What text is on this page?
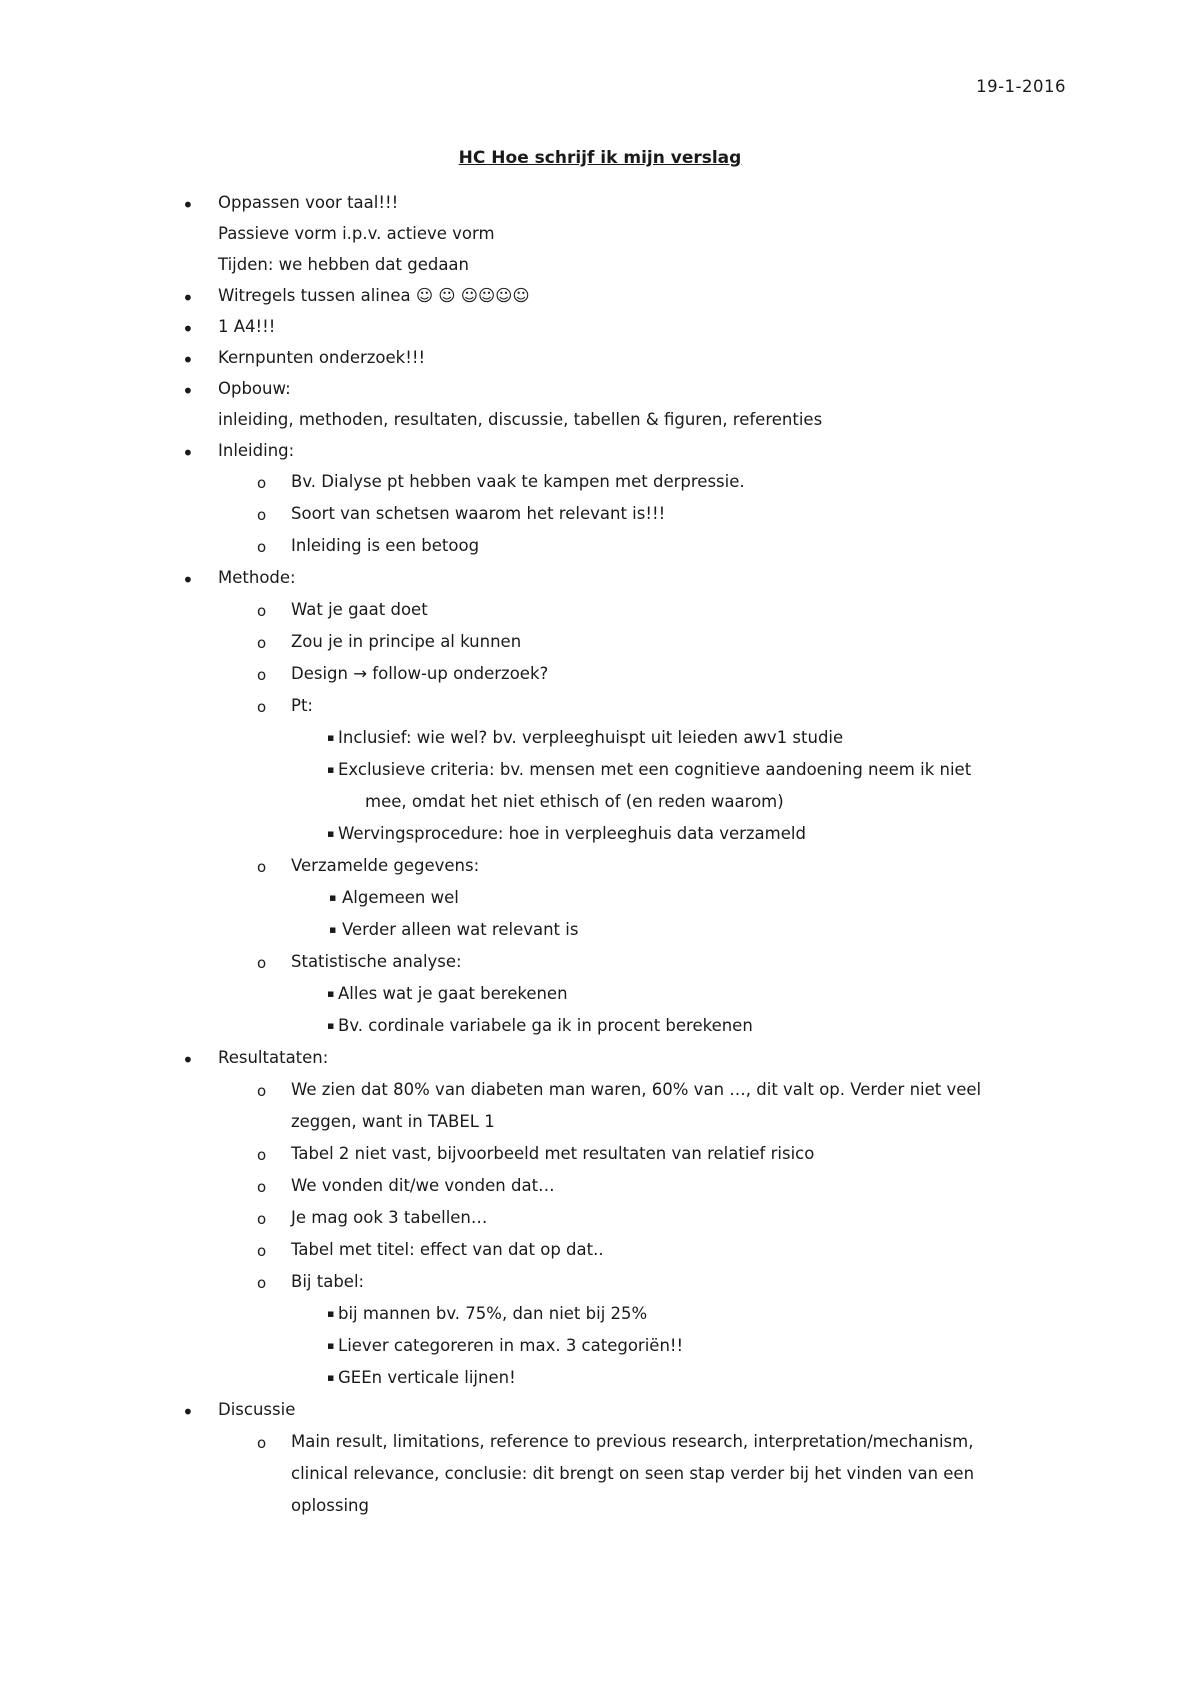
19-1-2016
HC Hoe schrijf ik mijn verslag
• Oppassen voor taal!!!
Passieve vorm i.p.v. actieve vorm
Tijden: we hebben dat gedaan
• Witregels tussen alinea ☺ ☺ ☺☺☺☺
• 1 A4!!!
• Kernpunten onderzoek!!!
• Opbouw:
inleiding, methoden, resultaten, discussie, tabellen & figuren, referenties
• Inleiding:
o Bv. Dialyse pt hebben vaak te kampen met derpressie.
o Soort van schetsen waarom het relevant is!!!
o Inleiding is een betoog
• Methode:
o Wat je gaat doet
o Zou je in principe al kunnen
o Design → follow-up onderzoek?
o Pt:
▪ Inclusief: wie wel? bv. verpleeghuispt uit leieden awv1 studie
▪ Exclusieve criteria: bv. mensen met een cognitieve aandoening neem ik niet
mee, omdat het niet ethisch of (en reden waarom)
▪ Wervingsprocedure: hoe in verpleeghuis data verzameld
o Verzamelde gegevens:
▪ Algemeen wel
▪ Verder alleen wat relevant is
o Statistische analyse:
▪ Alles wat je gaat berekenen
▪ Bv. cordinale variabele ga ik in procent berekenen
• Resultataten:
o We zien dat 80% van diabeten man waren, 60% van …, dit valt op. Verder niet veel
zeggen, want in TABEL 1
o Tabel 2 niet vast, bijvoorbeeld met resultaten van relatief risico
o We vonden dit/we vonden dat…
o Je mag ook 3 tabellen…
o Tabel met titel: effect van dat op dat..
o Bij tabel:
▪ bij mannen bv. 75%, dan niet bij 25%
▪ Liever categoreren in max. 3 categoriën!!
▪ GEEn verticale lijnen!
• Discussie
o Main result, limitations, reference to previous research, interpretation/mechanism,
clinical relevance, conclusie: dit brengt on seen stap verder bij het vinden van een
oplossing
